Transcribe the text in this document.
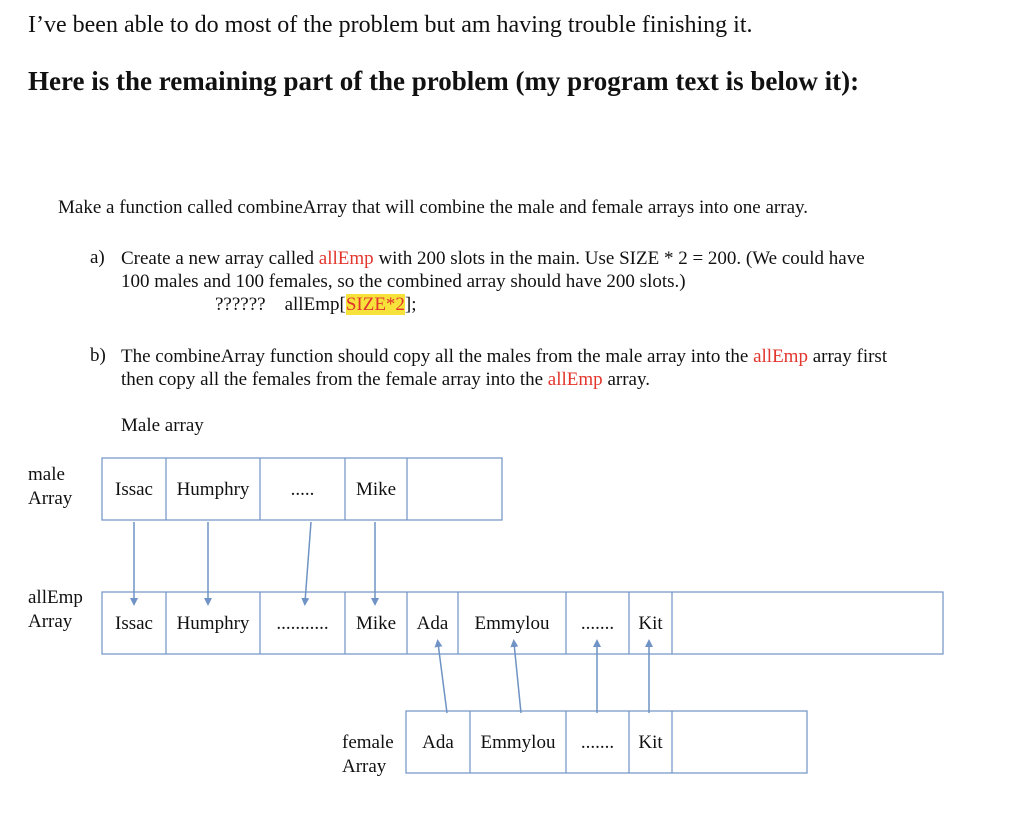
I’ve been able to do most of the problem but am having trouble finishing it.
Here is the remaining part of the problem (my program text is below it):
Make a function called combineArray that will combine the male and female arrays into one array.
a) Create a new array called allEmp with 200 slots in the main. Use SIZE * 2 = 200. (We could have
100 males and 100 females, so the combined array should have 200 slots.)
??????    allEmp[SIZE*2];
b) The combineArray function should copy all the males from the male array into the allEmp array first
then copy all the females from the female array into the allEmp array.
Male array
male
Array
allEmp
Array
female
Array
Issac Humphry ..... Mike
Issac Humphry ........... Mike Ada Emmylou ....... Kit
Ada Emmylou ....... Kit
